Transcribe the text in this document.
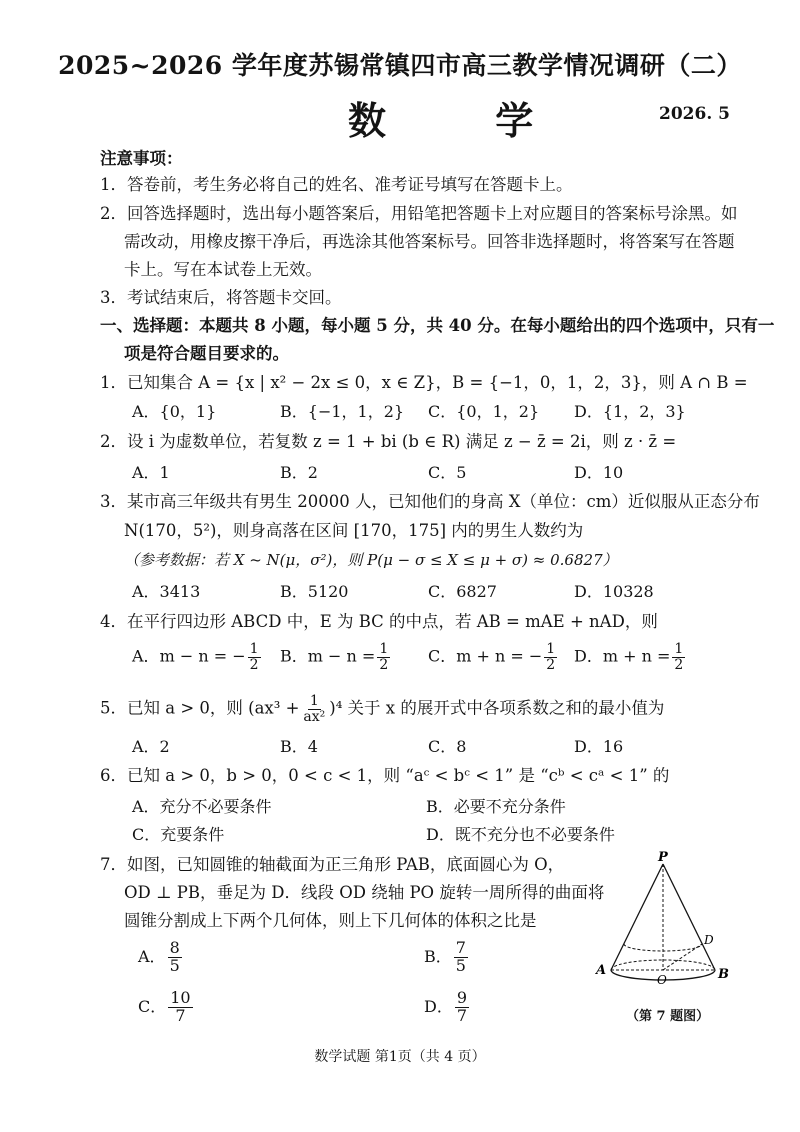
2025~2026 学年度苏锡常镇四市高三教学情况调研（二）
数 学	2026. 5
注意事项：
1．答卷前，考生务必将自己的姓名、准考证号填写在答题卡上。
2．回答选择题时，选出每小题答案后，用铅笔把答题卡上对应题目的答案标号涂黑。如
需改动，用橡皮擦干净后，再选涂其他答案标号。回答非选择题时，将答案写在答题
卡上。写在本试卷上无效。
3．考试结束后，将答题卡交回。
一、选择题：本题共 8 小题，每小题 5 分，共 40 分。在每小题给出的四个选项中，只有一
项是符合题目要求的。
1．已知集合 A = {x | x² − 2x ≤ 0，x ∈ Z}，B = {−1，0，1，2，3}，则 A ∩ B =
A．{0，1}	B．{−1，1，2} C．{0，1，2} D．{1，2，3}
2．设 i 为虚数单位，若复数 z = 1 + bi (b ∈ R) 满足 z − z̄ = 2i，则 z · z̄ =
A．1	B．2	C．5	D．10
3．某市高三年级共有男生 20000 人，已知他们的身高 X（单位：cm）近似服从正态分布
N(170，5²)，则身高落在区间 [170，175] 内的男生人数约为
（参考数据：若 X ~ N(μ，σ²)，则 P(μ − σ ≤ X ≤ μ + σ) ≈ 0.6827）
A．3413	B．5120	C．6827	D．10328
4．在平行四边形 ABCD 中，E 为 BC 的中点，若 AB = mAE + nAD，则
A．m − n = − $\frac{1}{2}$ B．$m - n = \frac{1}{2}$ C．m + n = − $\frac{1}{2}$ D．$m + n = \frac{1}{2}$
5．已知 a > 0，则 $(ax^3 + \frac{1}{\text{ax²}} )^4$ 关于 x 的展开式中各项系数之和的最小值为
A．2	B．4	C．8	D．16
6．已知 a > 0，b > 0，0 < c < 1，则 “aᶜ < bᶜ < 1” 是 “cᵇ < cᵃ < 1” 的
A．充分不必要条件	B．必要不充分条件
C．充要条件	D．既不充分也不必要条件
7．如图，已知圆锥的轴截面为正三角形 PAB，底面圆心为 O，
OD ⊥ PB，垂足为 D．线段 OD 绕轴 PO 旋转一周所得的曲面将
圆锥分割成上下两个几何体，则上下几何体的体积之比是
A． $\frac{8}{5}$	B． $\frac{7}{5}$
C． $\frac{10}{7}$	D． $\frac{9}{7}$
P
A	B
O
D
（第 7 题图）
数学试题 第1页（共 4 页）
